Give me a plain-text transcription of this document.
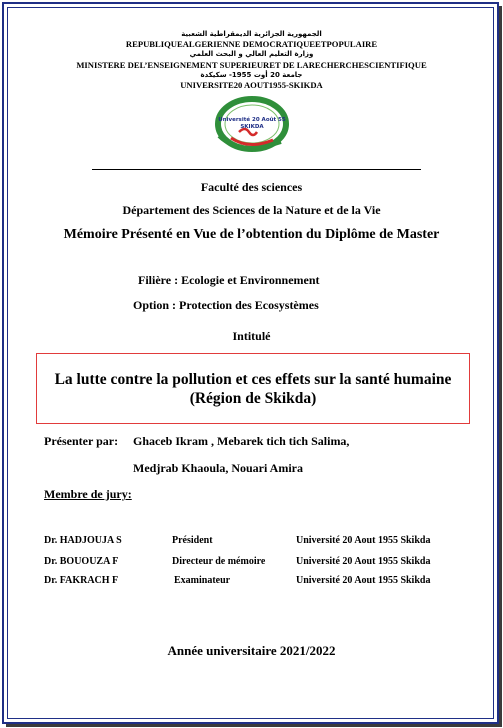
الجمهورية الجزائرية الديمقراطية الشعبية
REPUBLIQUEALGERIENNE DEMOCRATIQUEETPOPULAIRE
وزارة التعليم العالي و البحث العلمي
MINISTERE DEL’ENSEIGNEMENT SUPERIEURET DE LARECHERCHESCIENTIFIQUE
جامعة 20 أوت 1955- سكيكدة
UNIVERSITE20 AOUT1955-SKIKDA
Université 20 Août 55
SKIKDA
Faculté des sciences
Département des Sciences de la Nature et de la Vie
Mémoire Présenté en Vue de l’obtention du Diplôme de Master
Filière : Ecologie et Environnement
Option : Protection des Ecosystèmes
Intitulé
La lutte contre la pollution et ces effets sur la santé humaine
(Région de Skikda)
Présenter par: Ghaceb Ikram , Mebarek tich tich Salima,
Medjrab Khaoula, Nouari Amira
Membre de jury:
Dr. HADJOUJA S	Président	Université 20 Aout 1955 Skikda
Dr. BOUOUZA F	Directeur de mémoire	Université 20 Aout 1955 Skikda
Dr. FAKRACH F	Examinateur	Université 20 Aout 1955 Skikda
Année universitaire 2021/2022
